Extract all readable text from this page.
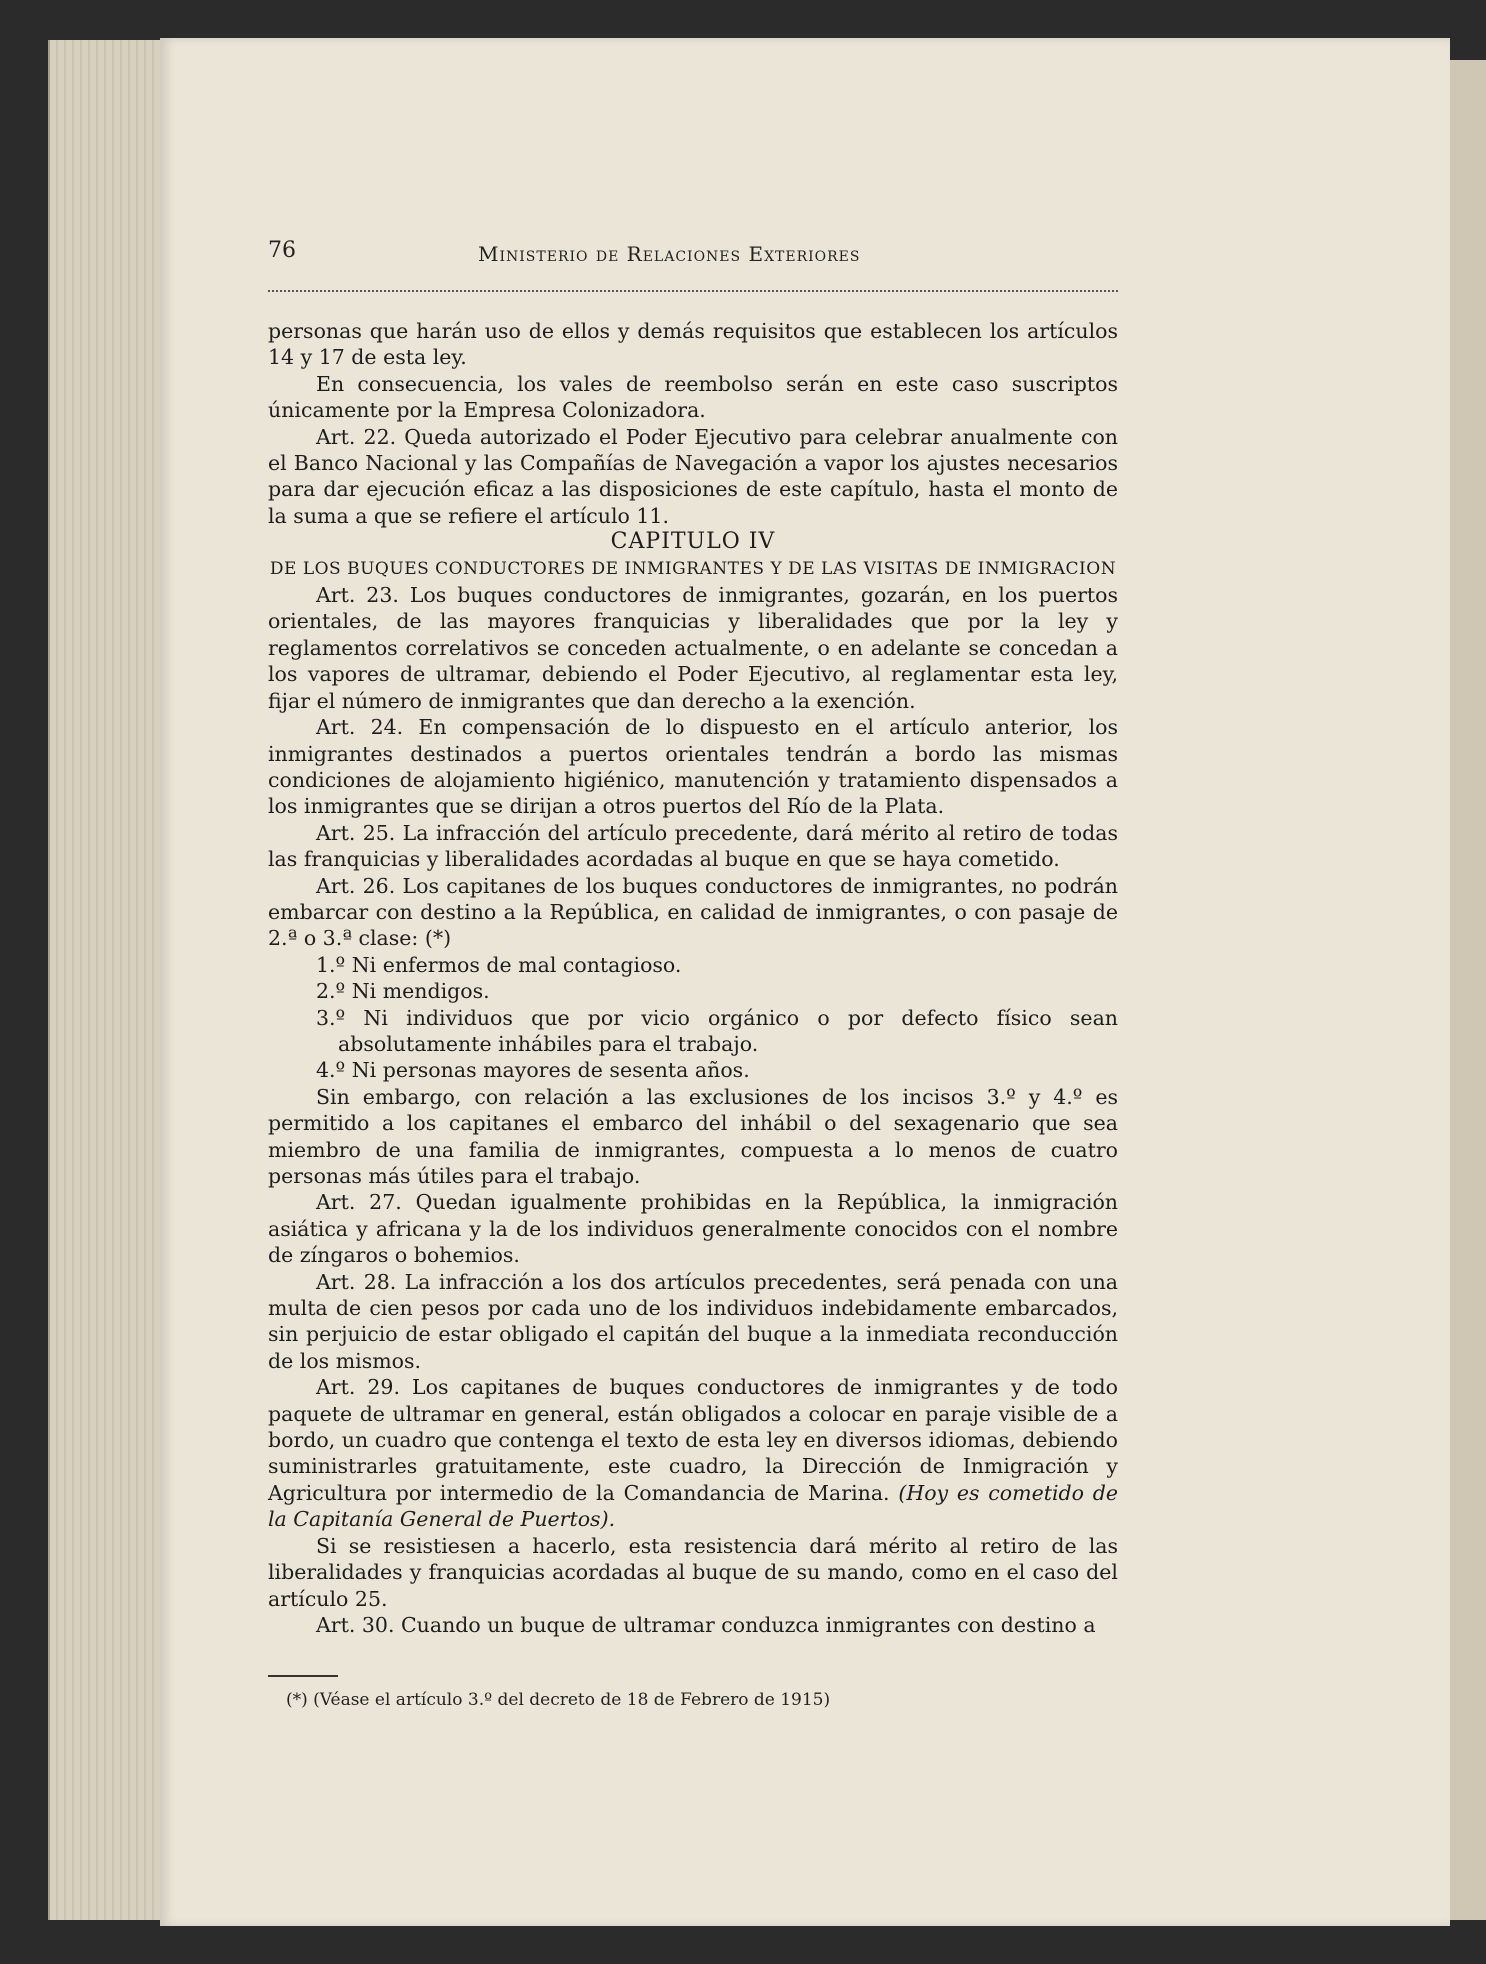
76	Ministerio de Relaciones Exteriores

personas que harán uso de ellos y demás requisitos que establecen los artículos 14 y 17 de esta ley.

En consecuencia, los vales de reembolso serán en este caso suscriptos únicamente por la Empresa Colonizadora.

Art. 22. Queda autorizado el Poder Ejecutivo para celebrar anualmente con el Banco Nacional y las Compañías de Navegación a vapor los ajustes necesarios para dar ejecución eficaz a las disposiciones de este capítulo, hasta el monto de la suma a que se refiere el artículo 11.

CAPITULO IV

DE LOS BUQUES CONDUCTORES DE INMIGRANTES Y DE LAS VISITAS DE INMIGRACION

Art. 23. Los buques conductores de inmigrantes, gozarán, en los puertos orientales, de las mayores franquicias y liberalidades que por la ley y reglamentos correlativos se conceden actualmente, o en adelante se concedan a los vapores de ultramar, debiendo el Poder Ejecutivo, al reglamentar esta ley, fijar el número de inmigrantes que dan derecho a la exención.

Art. 24. En compensación de lo dispuesto en el artículo anterior, los inmigrantes destinados a puertos orientales tendrán a bordo las mismas condiciones de alojamiento higiénico, manutención y tratamiento dispensados a los inmigrantes que se dirijan a otros puertos del Río de la Plata.

Art. 25. La infracción del artículo precedente, dará mérito al retiro de todas las franquicias y liberalidades acordadas al buque en que se haya cometido.

Art. 26. Los capitanes de los buques conductores de inmigrantes, no podrán embarcar con destino a la República, en calidad de inmigrantes, o con pasaje de 2.ª o 3.ª clase: (*)

1.º Ni enfermos de mal contagioso.

2.º Ni mendigos.

3.º Ni individuos que por vicio orgánico o por defecto físico sean absolutamente inhábiles para el trabajo.

4.º Ni personas mayores de sesenta años.

Sin embargo, con relación a las exclusiones de los incisos 3.º y 4.º es permitido a los capitanes el embarco del inhábil o del sexagenario que sea miembro de una familia de inmigrantes, compuesta a lo menos de cuatro personas más útiles para el trabajo.

Art. 27. Quedan igualmente prohibidas en la República, la inmigración asiática y africana y la de los individuos generalmente conocidos con el nombre de zíngaros o bohemios.

Art. 28. La infracción a los dos artículos precedentes, será penada con una multa de cien pesos por cada uno de los individuos indebidamente embarcados, sin perjuicio de estar obligado el capitán del buque a la inmediata reconducción de los mismos.

Art. 29. Los capitanes de buques conductores de inmigrantes y de todo paquete de ultramar en general, están obligados a colocar en paraje visible de a bordo, un cuadro que contenga el texto de esta ley en diversos idiomas, debiendo suministrarles gratuitamente, este cuadro, la Dirección de Inmigración y Agricultura por intermedio de la Comandancia de Marina. (Hoy es cometido de la Capitanía General de Puertos).

Si se resistiesen a hacerlo, esta resistencia dará mérito al retiro de las liberalidades y franquicias acordadas al buque de su mando, como en el caso del artículo 25.

Art. 30. Cuando un buque de ultramar conduzca inmigrantes con destino a

(*) (Véase el artículo 3.º del decreto de 18 de Febrero de 1915)
